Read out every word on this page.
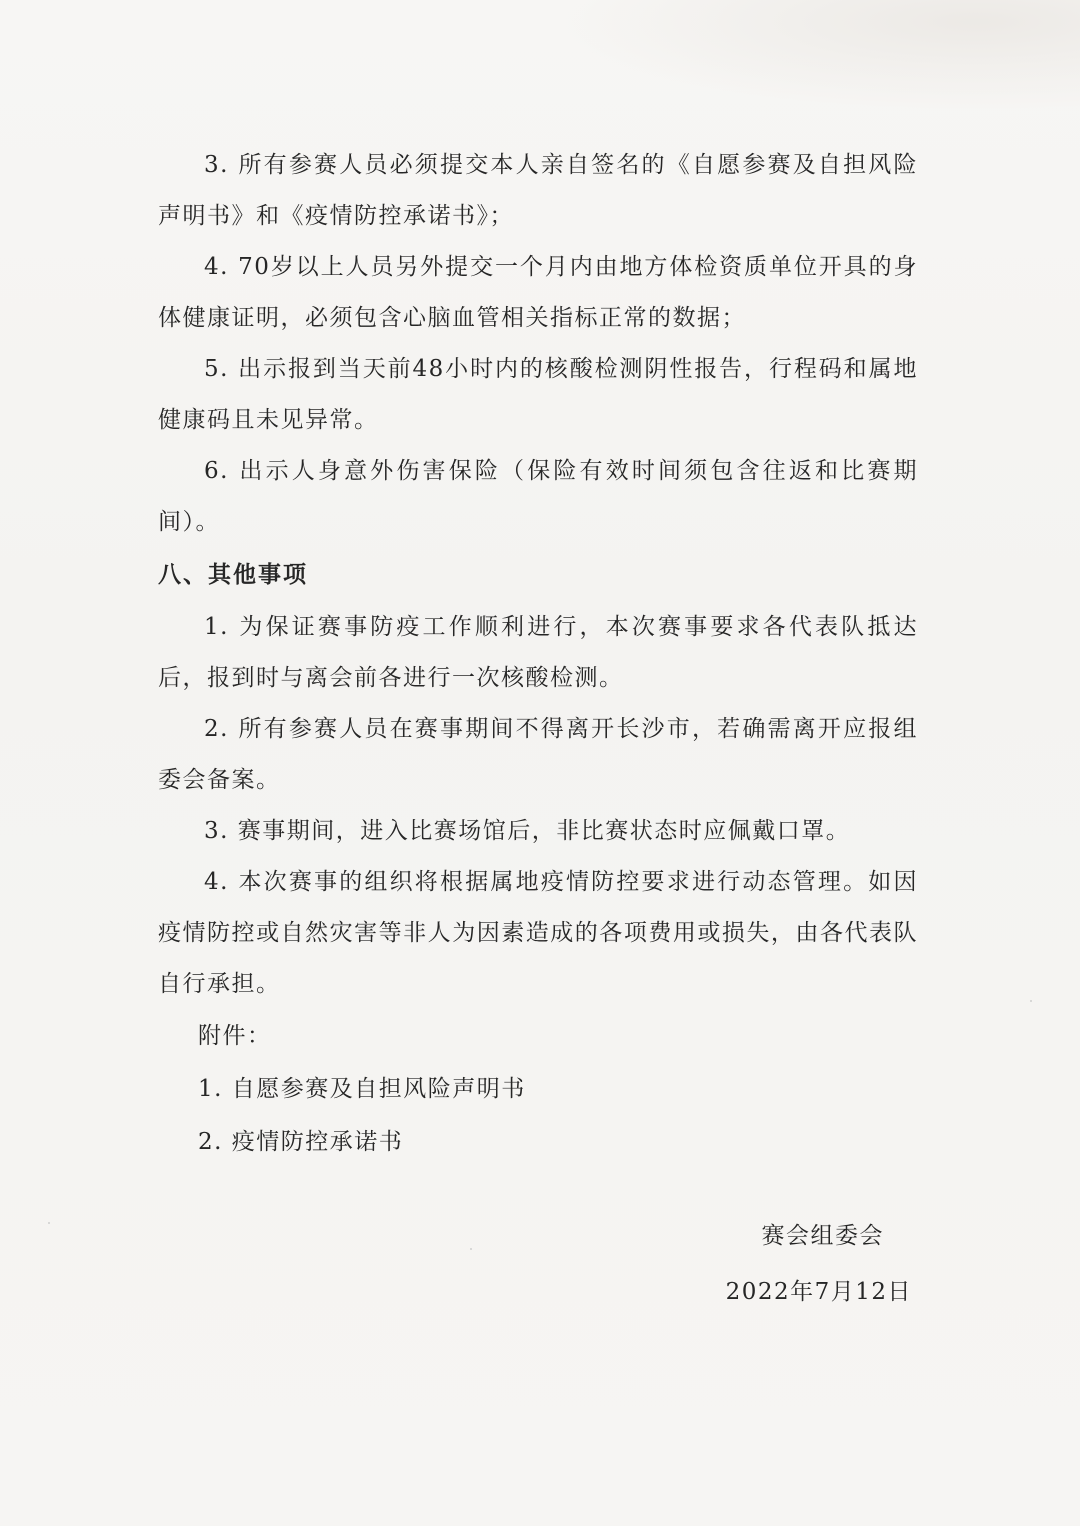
3. 所有参赛人员必须提交本人亲自签名的《自愿参赛及自担风险声明书》和《疫情防控承诺书》；

4. 70岁以上人员另外提交一个月内由地方体检资质单位开具的身体健康证明，必须包含心脑血管相关指标正常的数据；

5. 出示报到当天前48小时内的核酸检测阴性报告，行程码和属地健康码且未见异常。

6. 出示人身意外伤害保险（保险有效时间须包含往返和比赛期间）。

八、其他事项

1. 为保证赛事防疫工作顺利进行，本次赛事要求各代表队抵达后，报到时与离会前各进行一次核酸检测。

2. 所有参赛人员在赛事期间不得离开长沙市，若确需离开应报组委会备案。

3. 赛事期间，进入比赛场馆后，非比赛状态时应佩戴口罩。

4. 本次赛事的组织将根据属地疫情防控要求进行动态管理。如因疫情防控或自然灾害等非人为因素造成的各项费用或损失，由各代表队自行承担。

附件：

1. 自愿参赛及自担风险声明书

2. 疫情防控承诺书

赛会组委会
2022年7月12日
